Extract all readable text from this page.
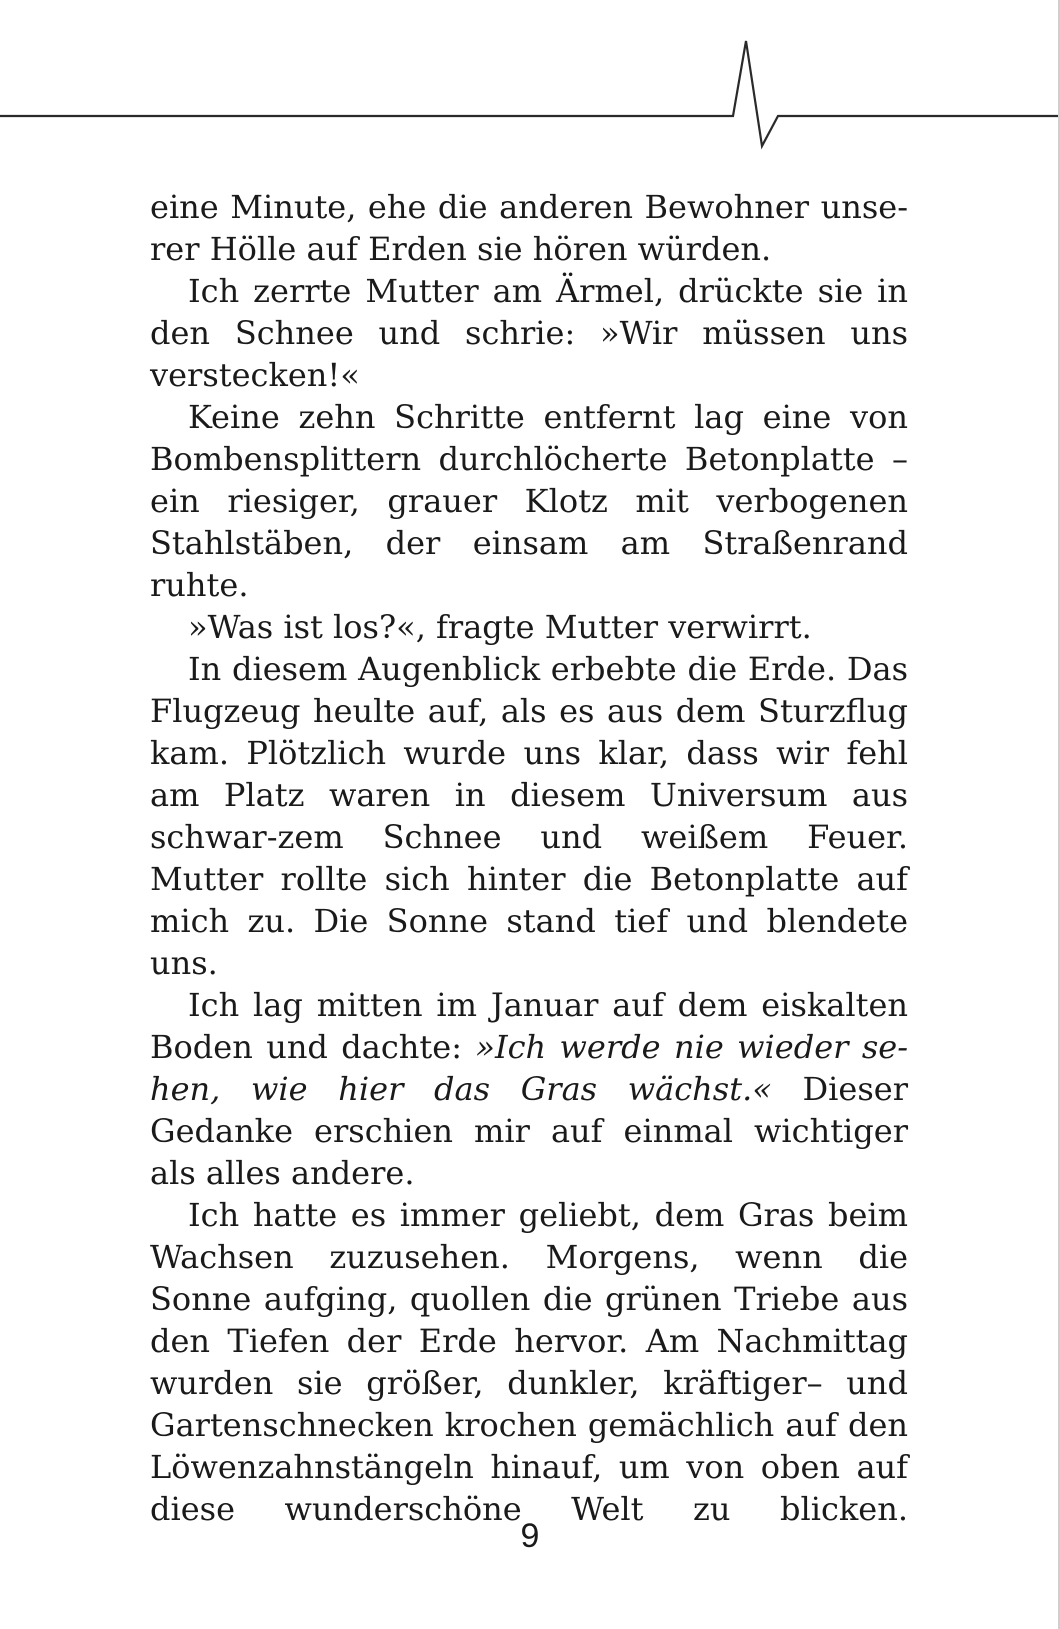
eine Minute, ehe die anderen Bewohner unse-rer Hölle auf Erden sie hören würden.

Ich zerrte Mutter am Ärmel, drückte sie in den Schnee und schrie: »Wir müssen uns verstecken!«

Keine zehn Schritte entfernt lag eine von Bombensplittern durchlöcherte Betonplatte –ein riesiger, grauer Klotz mit verbogenen Stahlstäben, der einsam am Straßenrand ruhte.

»Was ist los?«, fragte Mutter verwirrt.

In diesem Augenblick erbebte die Erde. Das Flugzeug heulte auf, als es aus dem Sturzflug kam. Plötzlich wurde uns klar, dass wir fehl am Platz waren in diesem Universum aus schwar-zem Schnee und weißem Feuer. Mutter rollte sich hinter die Betonplatte auf mich zu. Die Sonne stand tief und blendete uns.

Ich lag mitten im Januar auf dem eiskalten Boden und dachte: »Ich werde nie wieder se-hen, wie hier das Gras wächst.« Dieser Gedanke erschien mir auf einmal wichtiger als alles andere.

Ich hatte es immer geliebt, dem Gras beim Wachsen zuzusehen. Morgens, wenn die Sonne aufging, quollen die grünen Triebe aus den Tiefen der Erde hervor. Am Nachmittag wurden sie größer, dunkler, kräftiger– und Gartenschnecken krochen gemächlich auf den Löwenzahnstängeln hinauf, um von oben auf diese wunderschöne Welt zu blicken.

9
